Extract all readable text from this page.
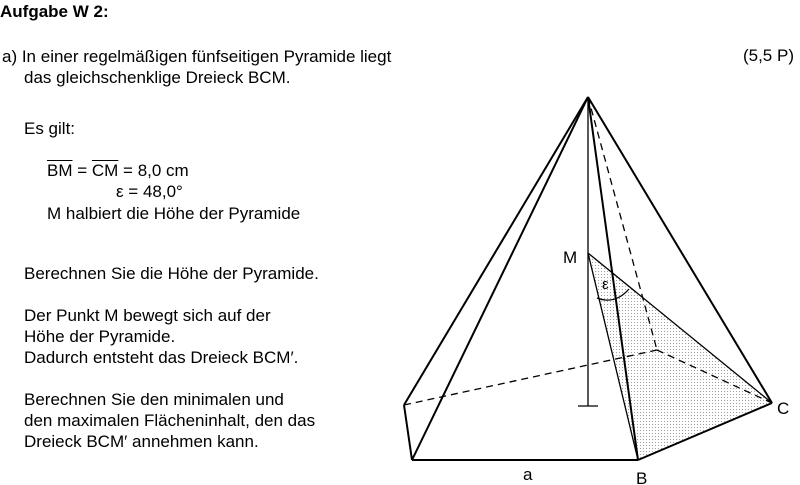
Aufgabe W 2:
(5,5 P)
a) In einer regelmäßigen fünfseitigen Pyramide liegt
das gleichschenklige Dreieck BCM.
Es gilt:
$\overline{BM} = \overline{CM} = 8,0$ cm
ε = 48,0°
M halbiert die Höhe der Pyramide
Berechnen Sie die Höhe der Pyramide.
Der Punkt M bewegt sich auf der
Höhe der Pyramide.
Dadurch entsteht das Dreieck BCM′.
Berechnen Sie den minimalen und
den maximalen Flächeninhalt, den das
Dreieck BCM′ annehmen kann.
M
ε
a	B
C
